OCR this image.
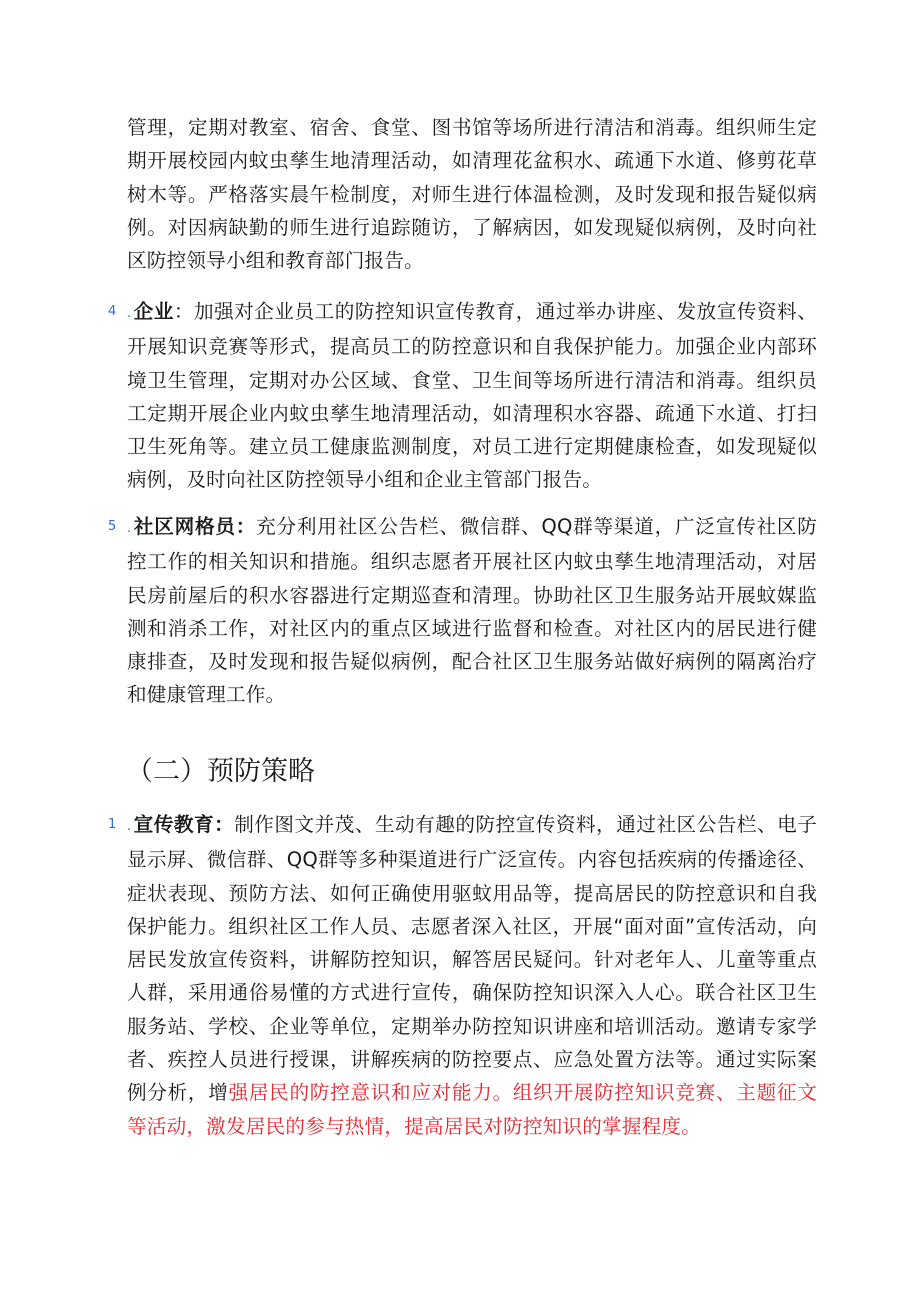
管理，定期对教室、宿舍、食堂、图书馆等场所进行清洁和消毒。组织师生定期开展校园内蚊虫孳生地清理活动，如清理花盆积水、疏通下水道、修剪花草树木等。严格落实晨午检制度，对师生进行体温检测，及时发现和报告疑似病例。对因病缺勤的师生进行追踪随访，了解病因，如发现疑似病例，及时向社区防控领导小组和教育部门报告。

4 . 企业：加强对企业员工的防控知识宣传教育，通过举办讲座、发放宣传资料、开展知识竞赛等形式，提高员工的防控意识和自我保护能力。加强企业内部环境卫生管理，定期对办公区域、食堂、卫生间等场所进行清洁和消毒。组织员工定期开展企业内蚊虫孳生地清理活动，如清理积水容器、疏通下水道、打扫卫生死角等。建立员工健康监测制度，对员工进行定期健康检查，如发现疑似病例，及时向社区防控领导小组和企业主管部门报告。

5 . 社区网格员：充分利用社区公告栏、微信群、QQ群等渠道，广泛宣传社区防控工作的相关知识和措施。组织志愿者开展社区内蚊虫孳生地清理活动，对居民房前屋后的积水容器进行定期巡查和清理。协助社区卫生服务站开展蚊媒监测和消杀工作，对社区内的重点区域进行监督和检查。对社区内的居民进行健康排查，及时发现和报告疑似病例，配合社区卫生服务站做好病例的隔离治疗和健康管理工作。

（二）预防策略
1 . 宣传教育：制作图文并茂、生动有趣的防控宣传资料，通过社区公告栏、电子显示屏、微信群、QQ群等多种渠道进行广泛宣传。内容包括疾病的传播途径、症状表现、预防方法、如何正确使用驱蚊用品等，提高居民的防控意识和自我保护能力。组织社区工作人员、志愿者深入社区，开展“面对面”宣传活动，向居民发放宣传资料，讲解防控知识，解答居民疑问。针对老年人、儿童等重点人群，采用通俗易懂的方式进行宣传，确保防控知识深入人心。联合社区卫生服务站、学校、企业等单位，定期举办防控知识讲座和培训活动。邀请专家学者、疾控人员进行授课，讲解疾病的防控要点、应急处置方法等。通过实际案例分析，增强居民的防控意识和应对能力。组织开展防控知识竞赛、主题征文等活动，激发居民的参与热情，提高居民对防控知识的掌握程度。
